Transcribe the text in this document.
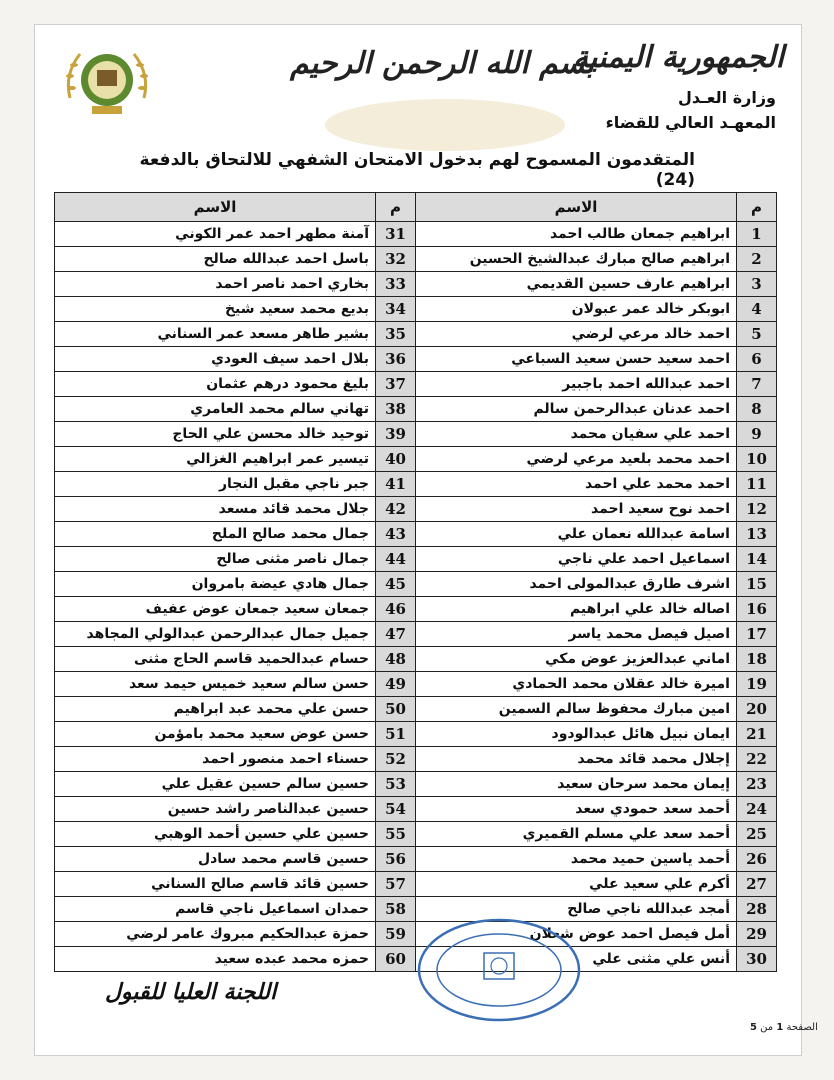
بسم الله الرحمن الرحيم
الجمهورية اليمنية
وزارة العـدل
المعهـد العالي للقضاء
المتقدمون المسموح لهم بدخول الامتحان الشفهي للالتحاق بالدفعة (24)
م	الاسم	م	الاسم
1	ابراهيم جمعان طالب احمد	31	آمنة مطهر احمد عمر الكوني
2	ابراهيم صالح مبارك عبدالشيخ الحسين	32	باسل احمد عبدالله صالح
3	ابراهيم عارف حسين القديمي	33	بخاري احمد ناصر احمد
4	ابوبكر خالد عمر عبولان	34	بديع محمد سعيد شيخ
5	احمد خالد مرعي لرضي	35	بشير طاهر مسعد عمر السناني
6	احمد سعيد حسن سعيد السباعي	36	بلال احمد سيف العودي
7	احمد عبدالله احمد باجبير	37	بليغ محمود درهم عثمان
8	احمد عدنان عبدالرحمن سالم	38	تهاني سالم محمد العامري
9	احمد علي سفيان محمد	39	توحيد خالد محسن علي الحاج
10	احمد محمد بلعيد مرعي لرضي	40	تيسير عمر ابراهيم الغزالي
11	احمد محمد علي احمد	41	جبر ناجي مقبل النجار
12	احمد نوح سعيد احمد	42	جلال محمد قائد مسعد
13	اسامة عبدالله نعمان علي	43	جمال محمد صالح الملح
14	اسماعيل احمد علي ناجي	44	جمال ناصر مثنى صالح
15	اشرف طارق عبدالمولى احمد	45	جمال هادي عيضة بامروان
16	اصاله خالد علي ابراهيم	46	جمعان سعيد جمعان عوض عفيف
17	اصيل فيصل محمد ياسر	47	جميل جمال عبدالرحمن عبدالولي المجاهد
18	اماني عبدالعزيز عوض مكي	48	حسام عبدالحميد قاسم الحاج مثنى
19	اميرة خالد عقلان محمد الحمادي	49	حسن سالم سعيد خميس حيمد سعد
20	امين مبارك محفوظ سالم السمين	50	حسن علي محمد عبد ابراهيم
21	ايمان نبيل هائل عبدالودود	51	حسن عوض سعيد محمد بامؤمن
22	إجلال محمد قائد محمد	52	حسناء احمد منصور احمد
23	إيمان محمد سرحان سعيد	53	حسين سالم حسين عقيل علي
24	أحمد سعد حمودي سعد	54	حسين عبدالناصر راشد حسين
25	أحمد سعد علي مسلم القميري	55	حسين علي حسين أحمد الوهبي
26	أحمد ياسين حميد محمد	56	حسين قاسم محمد سادل
27	أكرم علي سعيد علي	57	حسين قائد قاسم صالح السناني
28	أمجد عبدالله ناجي صالح	58	حمدان اسماعيل ناجي قاسم
29	أمل فيصل احمد عوض شعلان	59	حمزة عبدالحكيم مبروك عامر لرضي
30	أنس علي مثنى علي	60	حمزه محمد عبده سعيد
اللجنة العليا للقبول
الصفحة 1 من 5
